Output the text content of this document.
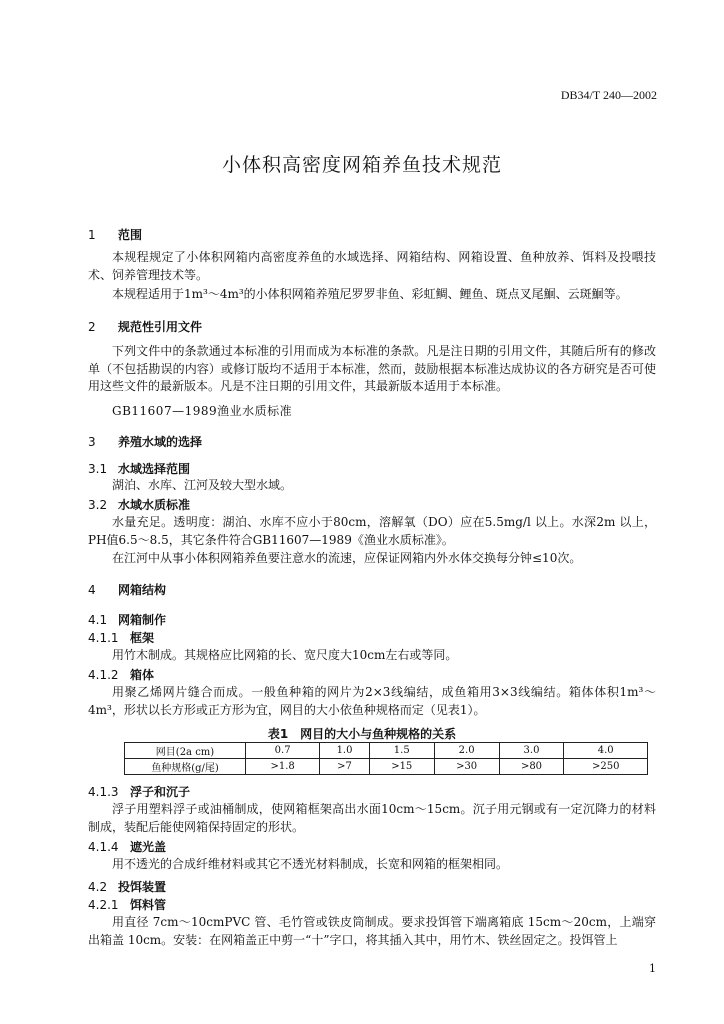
DB34/T 240—2002
小体积高密度网箱养鱼技术规范
1 范围
本规程规定了小体积网箱内高密度养鱼的水域选择、网箱结构、网箱设置、鱼种放养、饵料及投喂技术、饲养管理技术等。
本规程适用于1m³～4m³的小体积网箱养殖尼罗罗非鱼、彩虹鲷、鲤鱼、斑点叉尾鮰、云斑鮰等。
2 规范性引用文件
下列文件中的条款通过本标准的引用而成为本标准的条款。凡是注日期的引用文件，其随后所有的修改单（不包括勘误的内容）或修订版均不适用于本标准，然而，鼓励根据本标准达成协议的各方研究是否可使用这些文件的最新版本。凡是不注日期的引用文件，其最新版本适用于本标准。
GB11607—1989渔业水质标准
3 养殖水域的选择
3.1 水域选择范围
湖泊、水库、江河及较大型水域。
3.2 水域水质标准
水量充足。透明度：湖泊、水库不应小于80cm，溶解氧（DO）应在5.5mg/l 以上。水深2m 以上，PH值6.5～8.5，其它条件符合GB11607—1989《渔业水质标准》。
在江河中从事小体积网箱养鱼要注意水的流速，应保证网箱内外水体交换每分钟≤10次。
4 网箱结构
4.1 网箱制作
4.1.1 框架
用竹木制成。其规格应比网箱的长、宽尺度大10cm左右或等同。
4.1.2 箱体
用聚乙烯网片缝合而成。一般鱼种箱的网片为2×3线编结，成鱼箱用3×3线编结。箱体体积1m³～4m³，形状以长方形或正方形为宜，网目的大小依鱼种规格而定（见表1）。
表1　网目的大小与鱼种规格的关系
网目(2a cm)	0.7	1.0	1.5	2.0	3.0	4.0
鱼种规格(g/尾)	>1.8	>7	>15	>30	>80	>250
4.1.3 浮子和沉子
浮子用塑料浮子或油桶制成，使网箱框架高出水面10cm～15cm。沉子用元钢或有一定沉降力的材料制成，装配后能使网箱保持固定的形状。
4.1.4 遮光盖
用不透光的合成纤维材料或其它不透光材料制成，长宽和网箱的框架相同。
4.2 投饵装置
4.2.1 饵料管
用直径 7cm～10cmPVC 管、毛竹管或铁皮筒制成。要求投饵管下端离箱底 15cm～20cm，上端穿出箱盖 10cm。安装：在网箱盖正中剪一“十”字口，将其插入其中，用竹木、铁丝固定之。投饵管上
1
